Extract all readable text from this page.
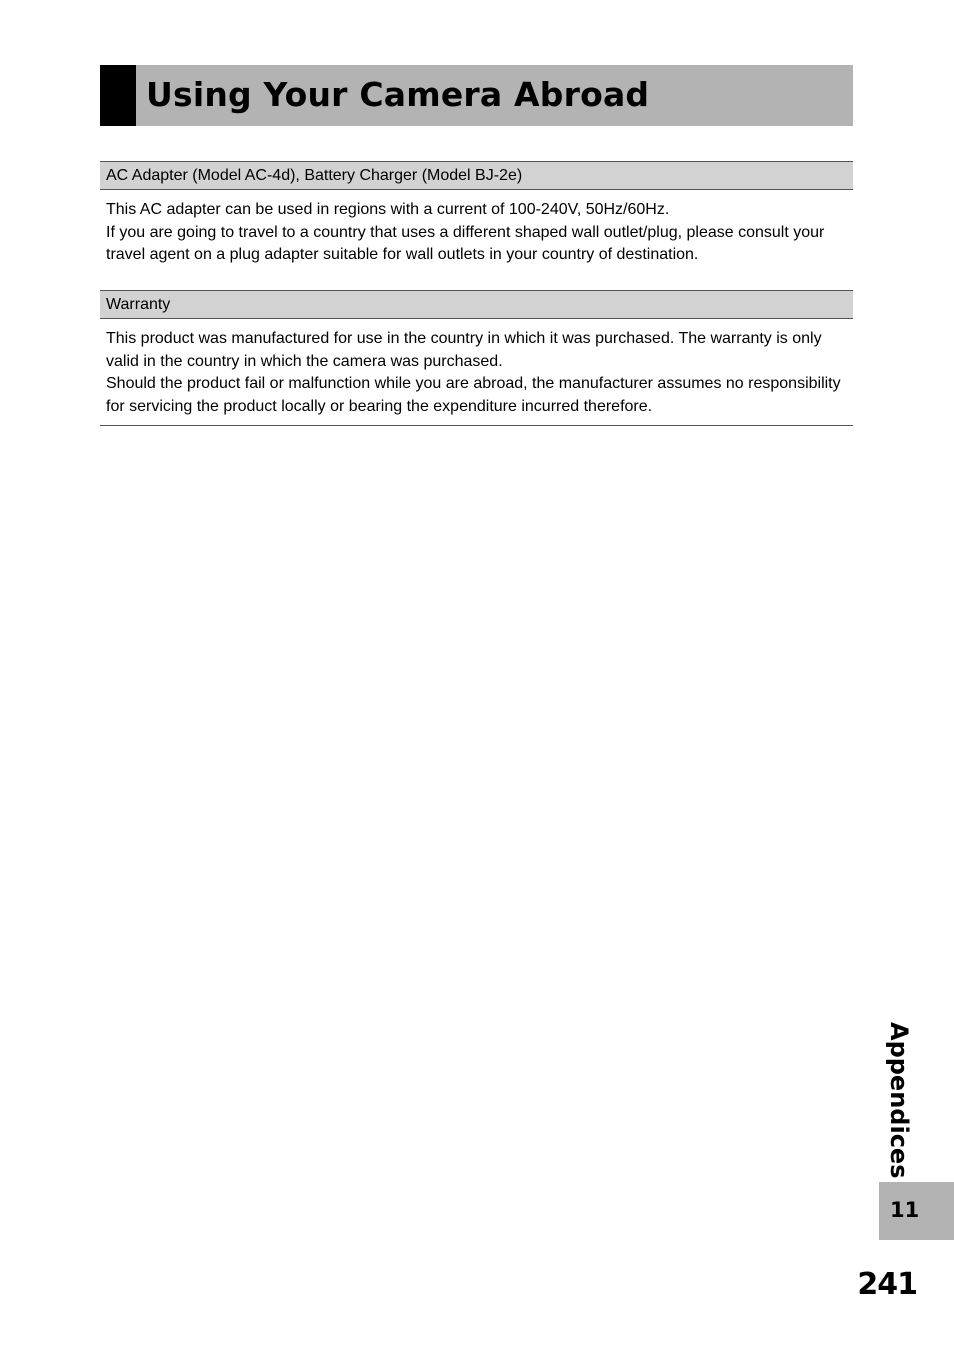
Using Your Camera Abroad
AC Adapter (Model AC-4d), Battery Charger (Model BJ-2e)

This AC adapter can be used in regions with a current of 100-240V, 50Hz/60Hz.

If you are going to travel to a country that uses a different shaped wall outlet/plug, please consult your travel agent on a plug adapter suitable for wall outlets in your country of destination.

Warranty

This product was manufactured for use in the country in which it was purchased. The warranty is only valid in the country in which the camera was purchased.

Should the product fail or malfunction while you are abroad, the manufacturer assumes no responsibility for servicing the product locally or bearing the expenditure incurred therefore.

Appendices
11
241
